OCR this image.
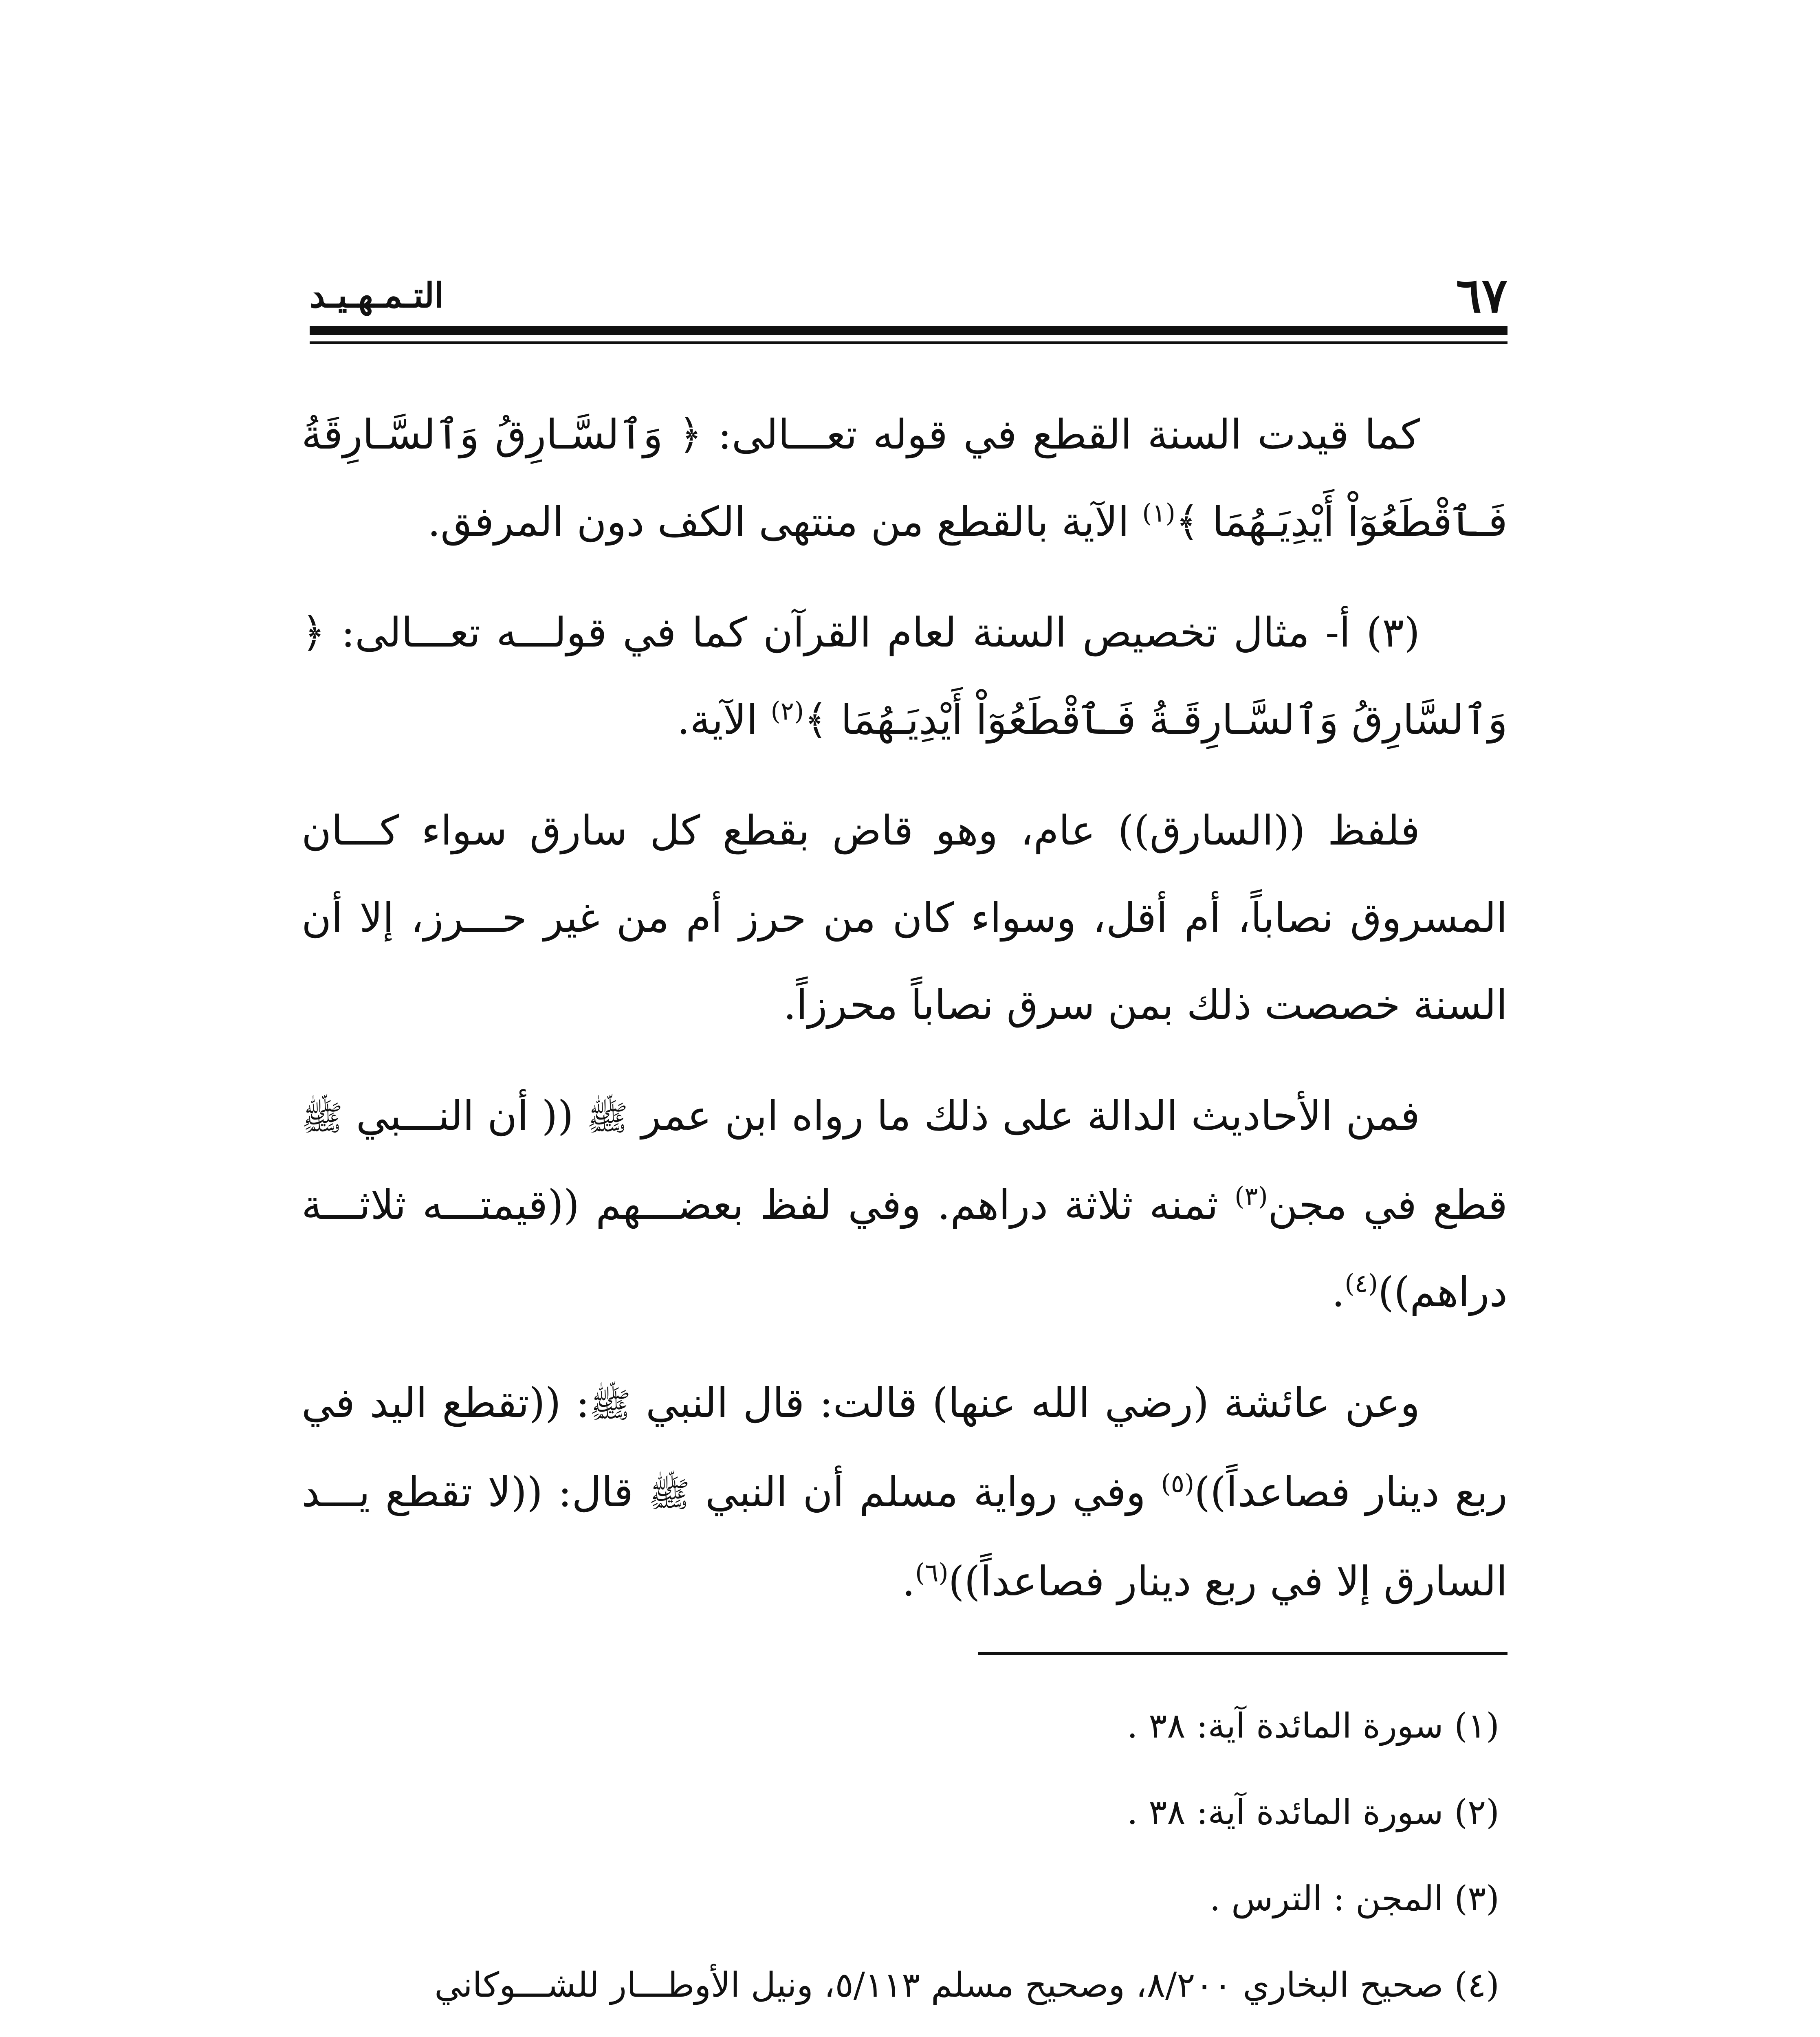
٦٧
التـمـهـيـد

كما قيدت السنة القطع في قوله تعـــالى: ﴿ وَٱلسَّـارِقُ وَٱلسَّـارِقَةُ فَـٱقْطَعُوٓاْ أَيْدِيَـهُمَا ﴾$^{(١)}$ الآية بالقطع من منتهى الكف دون المرفق.

(٣) أ- مثال تخصيص السنة لعام القرآن كما في قولـــه تعـــالى: ﴿ وَٱلسَّارِقُ وَٱلسَّـارِقَـةُ فَـٱقْطَعُوٓاْ أَيْدِيَـهُمَا ﴾$^{(٢)}$ الآية.

فلفظ ((السارق)) عام، وهو قاض بقطع كل سارق سواء كـــان المسروق نصاباً، أم أقل، وسواء كان من حرز أم من غير حـــرز، إلا أن السنة خصصت ذلك بمن سرق نصاباً محرزاً.

فمن الأحاديث الدالة على ذلك ما رواه ابن عمر ﷺ (( أن النـــبي ﷺ قطع في مجن$^{(٣)}$ ثمنه ثلاثة دراهم. وفي لفظ بعضـــهم ((قيمتـــه ثلاثـــة دراهم))$^{(٤)}$.

وعن عائشة (رضي الله عنها) قالت: قال النبي ﷺ: ((تقطع اليد في ربع دينار فصاعداً))$^{(٥)}$ وفي رواية مسلم أن النبي ﷺ قال: ((لا تقطع يـــد السارق إلا في ربع دينار فصاعداً))$^{(٦)}$.

(١) سورة المائدة آية: ٣٨ .

(٢) سورة المائدة آية: ٣٨ .

(٣) المجن : الترس .

(٤) صحيح البخاري ٨/٢٠٠، وصحيح مسلم ٥/١١٣، ونيل الأوطـــار للشـــوكاني
